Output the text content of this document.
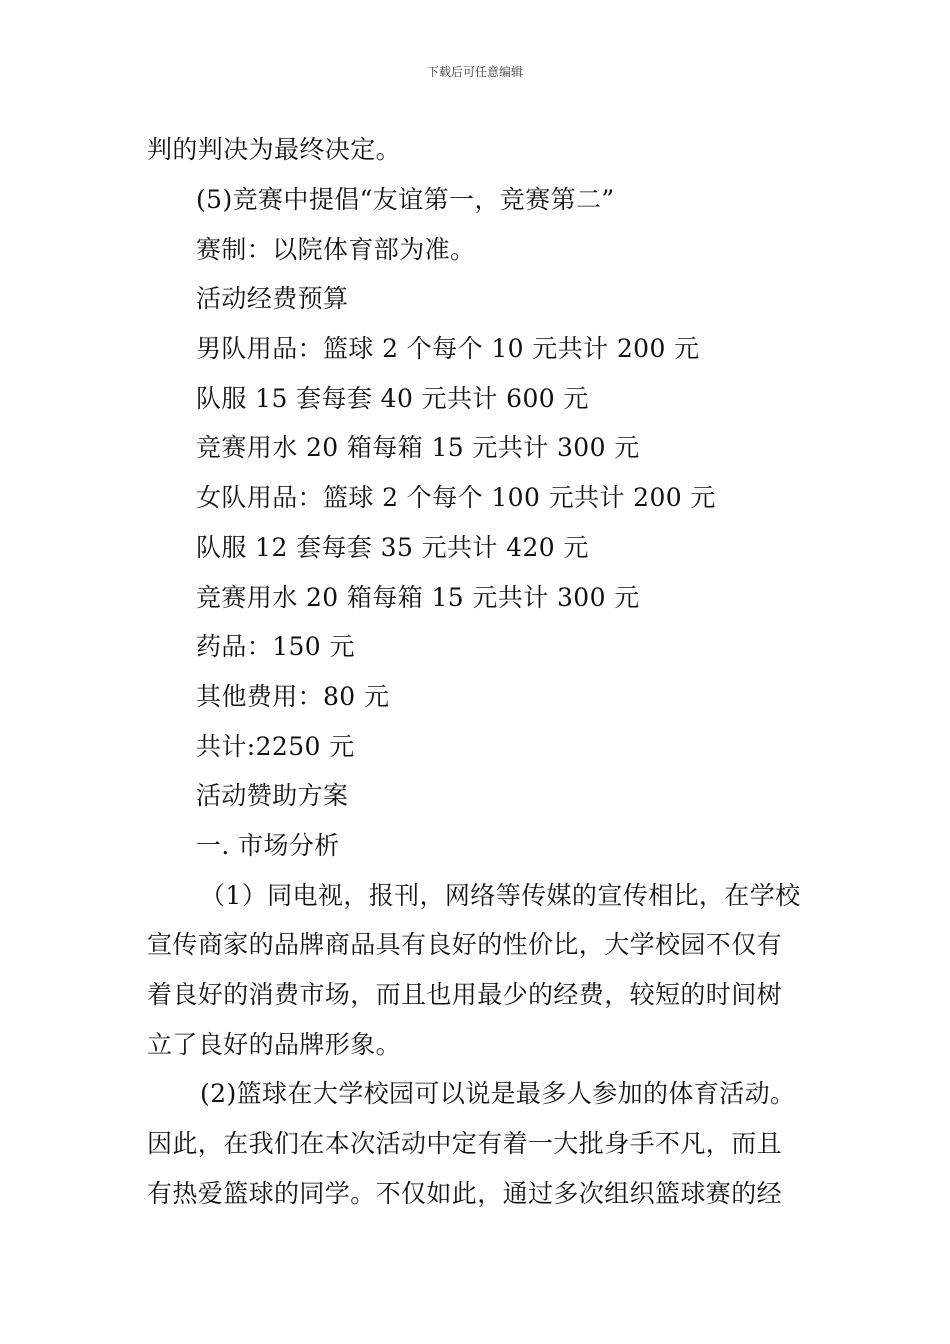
下载后可任意编辑
判的判决为最终决定。
(5)竞赛中提倡“友谊第一，竞赛第二”
赛制：以院体育部为准。
活动经费预算
男队用品：篮球 2 个每个 10 元共计 200 元
队服 15 套每套 40 元共计 600 元
竞赛用水 20 箱每箱 15 元共计 300 元
女队用品：篮球 2 个每个 100 元共计 200 元
队服 12 套每套 35 元共计 420 元
竞赛用水 20 箱每箱 15 元共计 300 元
药品：150 元
其他费用：80 元
共计:2250 元
活动赞助方案
一. 市场分析
（1）同电视，报刊，网络等传媒的宣传相比，在学校
宣传商家的品牌商品具有良好的性价比，大学校园不仅有
着良好的消费市场，而且也用最少的经费，较短的时间树
立了良好的品牌形象。
(2)篮球在大学校园可以说是最多人参加的体育活动。
因此，在我们在本次活动中定有着一大批身手不凡，而且
有热爱篮球的同学。不仅如此，通过多次组织篮球赛的经
